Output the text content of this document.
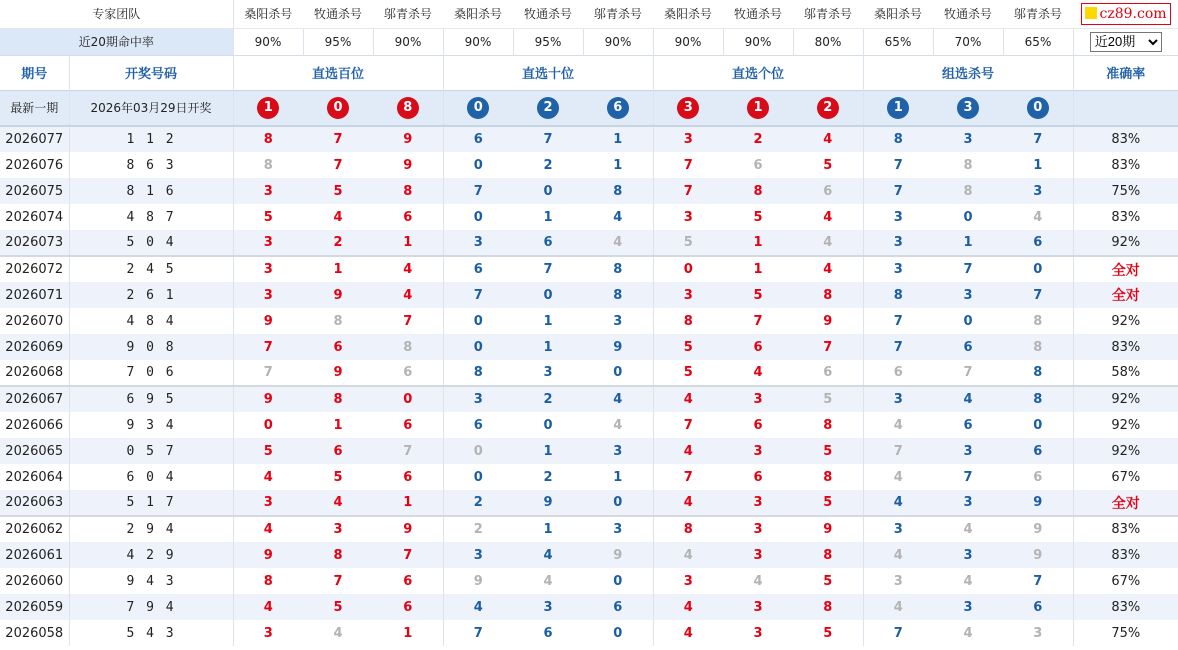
专家团队		桑阳杀号	牧通杀号	邬青杀号	桑阳杀号	牧通杀号	邬青杀号	桑阳杀号	牧通杀号	邬青杀号	桑阳杀号	牧通杀号	邬青杀号	cz89.com
近20期命中率		90%	95%	90%	90%	95%	90%	90%	90%	80%	65%	70%	65%	
近20期
期号	开奖号码	直选百位			直选十位			直选个位			组选杀号			准确率
最新一期	2026年03月29日开奖	1	0	8	0	2	6	3	1	2	1	3	0	
2026077	1 1 2	8	7	9	6	7	1	3	2	4	8	3	7	83%
2026076	8 6 3	8	7	9	0	2	1	7	6	5	7	8	1	83%
2026075	8 1 6	3	5	8	7	0	8	7	8	6	7	8	3	75%
2026074	4 8 7	5	4	6	0	1	4	3	5	4	3	0	4	83%
2026073	5 0 4	3	2	1	3	6	4	5	1	4	3	1	6	92%
2026072	2 4 5	3	1	4	6	7	8	0	1	4	3	7	0	全对
2026071	2 6 1	3	9	4	7	0	8	3	5	8	8	3	7	全对
2026070	4 8 4	9	8	7	0	1	3	8	7	9	7	0	8	92%
2026069	9 0 8	7	6	8	0	1	9	5	6	7	7	6	8	83%
2026068	7 0 6	7	9	6	8	3	0	5	4	6	6	7	8	58%
2026067	6 9 5	9	8	0	3	2	4	4	3	5	3	4	8	92%
2026066	9 3 4	0	1	6	6	0	4	7	6	8	4	6	0	92%
2026065	0 5 7	5	6	7	0	1	3	4	3	5	7	3	6	92%
2026064	6 0 4	4	5	6	0	2	1	7	6	8	4	7	6	67%
2026063	5 1 7	3	4	1	2	9	0	4	3	5	4	3	9	全对
2026062	2 9 4	4	3	9	2	1	3	8	3	9	3	4	9	83%
2026061	4 2 9	9	8	7	3	4	9	4	3	8	4	3	9	83%
2026060	9 4 3	8	7	6	9	4	0	3	4	5	3	4	7	67%
2026059	7 9 4	4	5	6	4	3	6	4	3	8	4	3	6	83%
2026058	5 4 3	3	4	1	7	6	0	4	3	5	7	4	3	75%
